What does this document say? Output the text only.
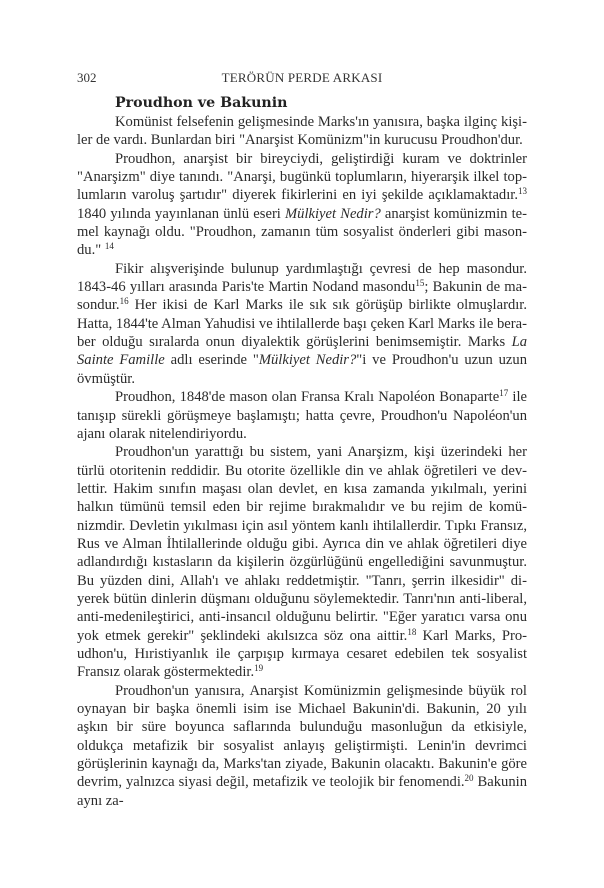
302	TERÖRÜN PERDE ARKASI
Proudhon ve Bakunin

Komünist felsefenin gelişmesinde Marks'ın yanısıra, başka ilginç kişiler de vardı. Bunlardan biri "Anarşist Komünizm"in kurucusu Proudhon'dur.

Proudhon, anarşist bir bireyciydi, geliştirdiği kuram ve doktrinler "Anarşizm" diye tanındı. "Anarşi, bugünkü toplumların, hiyerarşik ilkel toplumların varoluş şartıdır" diyerek fikirlerini en iyi şekilde açıklamaktadır.$^{13}$ 1840 yılında yayınlanan ünlü eseri Mülkiyet Nedir? anarşist komünizmin temel kaynağı oldu. "Proudhon, zamanın tüm sosyalist önderleri gibi masondu." $^{14}$

Fikir alışverişinde bulunup yardımlaştığı çevresi de hep masondur. 1843-46 yılları arasında Paris'te Martin Nodand masondu$^{15}$; Bakunin de masondur.$^{16}$ Her ikisi de Karl Marks ile sık sık görüşüp birlikte olmuşlardır. Hatta, 1844'te Alman Yahudisi ve ihtilallerde başı çeken Karl Marks ile beraber olduğu sıralarda onun diyalektik görüşlerini benimsemiştir. Marks La Sainte Famille adlı eserinde "Mülkiyet Nedir?"i ve Proudhon'u uzun uzun övmüştür.

Proudhon, 1848'de mason olan Fransa Kralı Napoléon Bonaparte$^{17}$ ile tanışıp sürekli görüşmeye başlamıştı; hatta çevre, Proudhon'u Napoléon'un ajanı olarak nitelendiriyordu.

Proudhon'un yarattığı bu sistem, yani Anarşizm, kişi üzerindeki her türlü otoritenin reddidir. Bu otorite özellikle din ve ahlak öğretileri ve devlettir. Hakim sınıfın maşası olan devlet, en kısa zamanda yıkılmalı, yerini halkın tümünü temsil eden bir rejime bırakmalıdır ve bu rejim de komünizmdir. Devletin yıkılması için asıl yöntem kanlı ihtilallerdir. Tıpkı Fransız, Rus ve Alman İhtilallerinde olduğu gibi. Ayrıca din ve ahlak öğretileri diye adlandırdığı kıstasların da kişilerin özgürlüğünü engellediğini savunmuştur. Bu yüzden dini, Allah'ı ve ahlakı reddetmiştir. "Tanrı, şerrin ilkesidir" diyerek bütün dinlerin düşmanı olduğunu söylemektedir. Tanrı'nın anti-liberal, anti-medenileştirici, anti-insancıl olduğunu belirtir. "Eğer yaratıcı varsa onu yok etmek gerekir" şeklindeki akılsızca söz ona aittir.$^{18}$ Karl Marks, Proudhon'u, Hıristiyanlık ile çarpışıp kırmaya cesaret edebilen tek sosyalist Fransız olarak göstermektedir.$^{19}$

Proudhon'un yanısıra, Anarşist Komünizmin gelişmesinde büyük rol oynayan bir başka önemli isim ise Michael Bakunin'di. Bakunin, 20 yılı aşkın bir süre boyunca saflarında bulunduğu masonluğun da etkisiyle, oldukça metafizik bir sosyalist anlayış geliştirmişti. Lenin'in devrimci görüşlerinin kaynağı da, Marks'tan ziyade, Bakunin olacaktı. Bakunin'e göre devrim, yalnızca siyasi değil, metafizik ve teolojik bir fenomendi.$^{20}$ Bakunin aynı za-
